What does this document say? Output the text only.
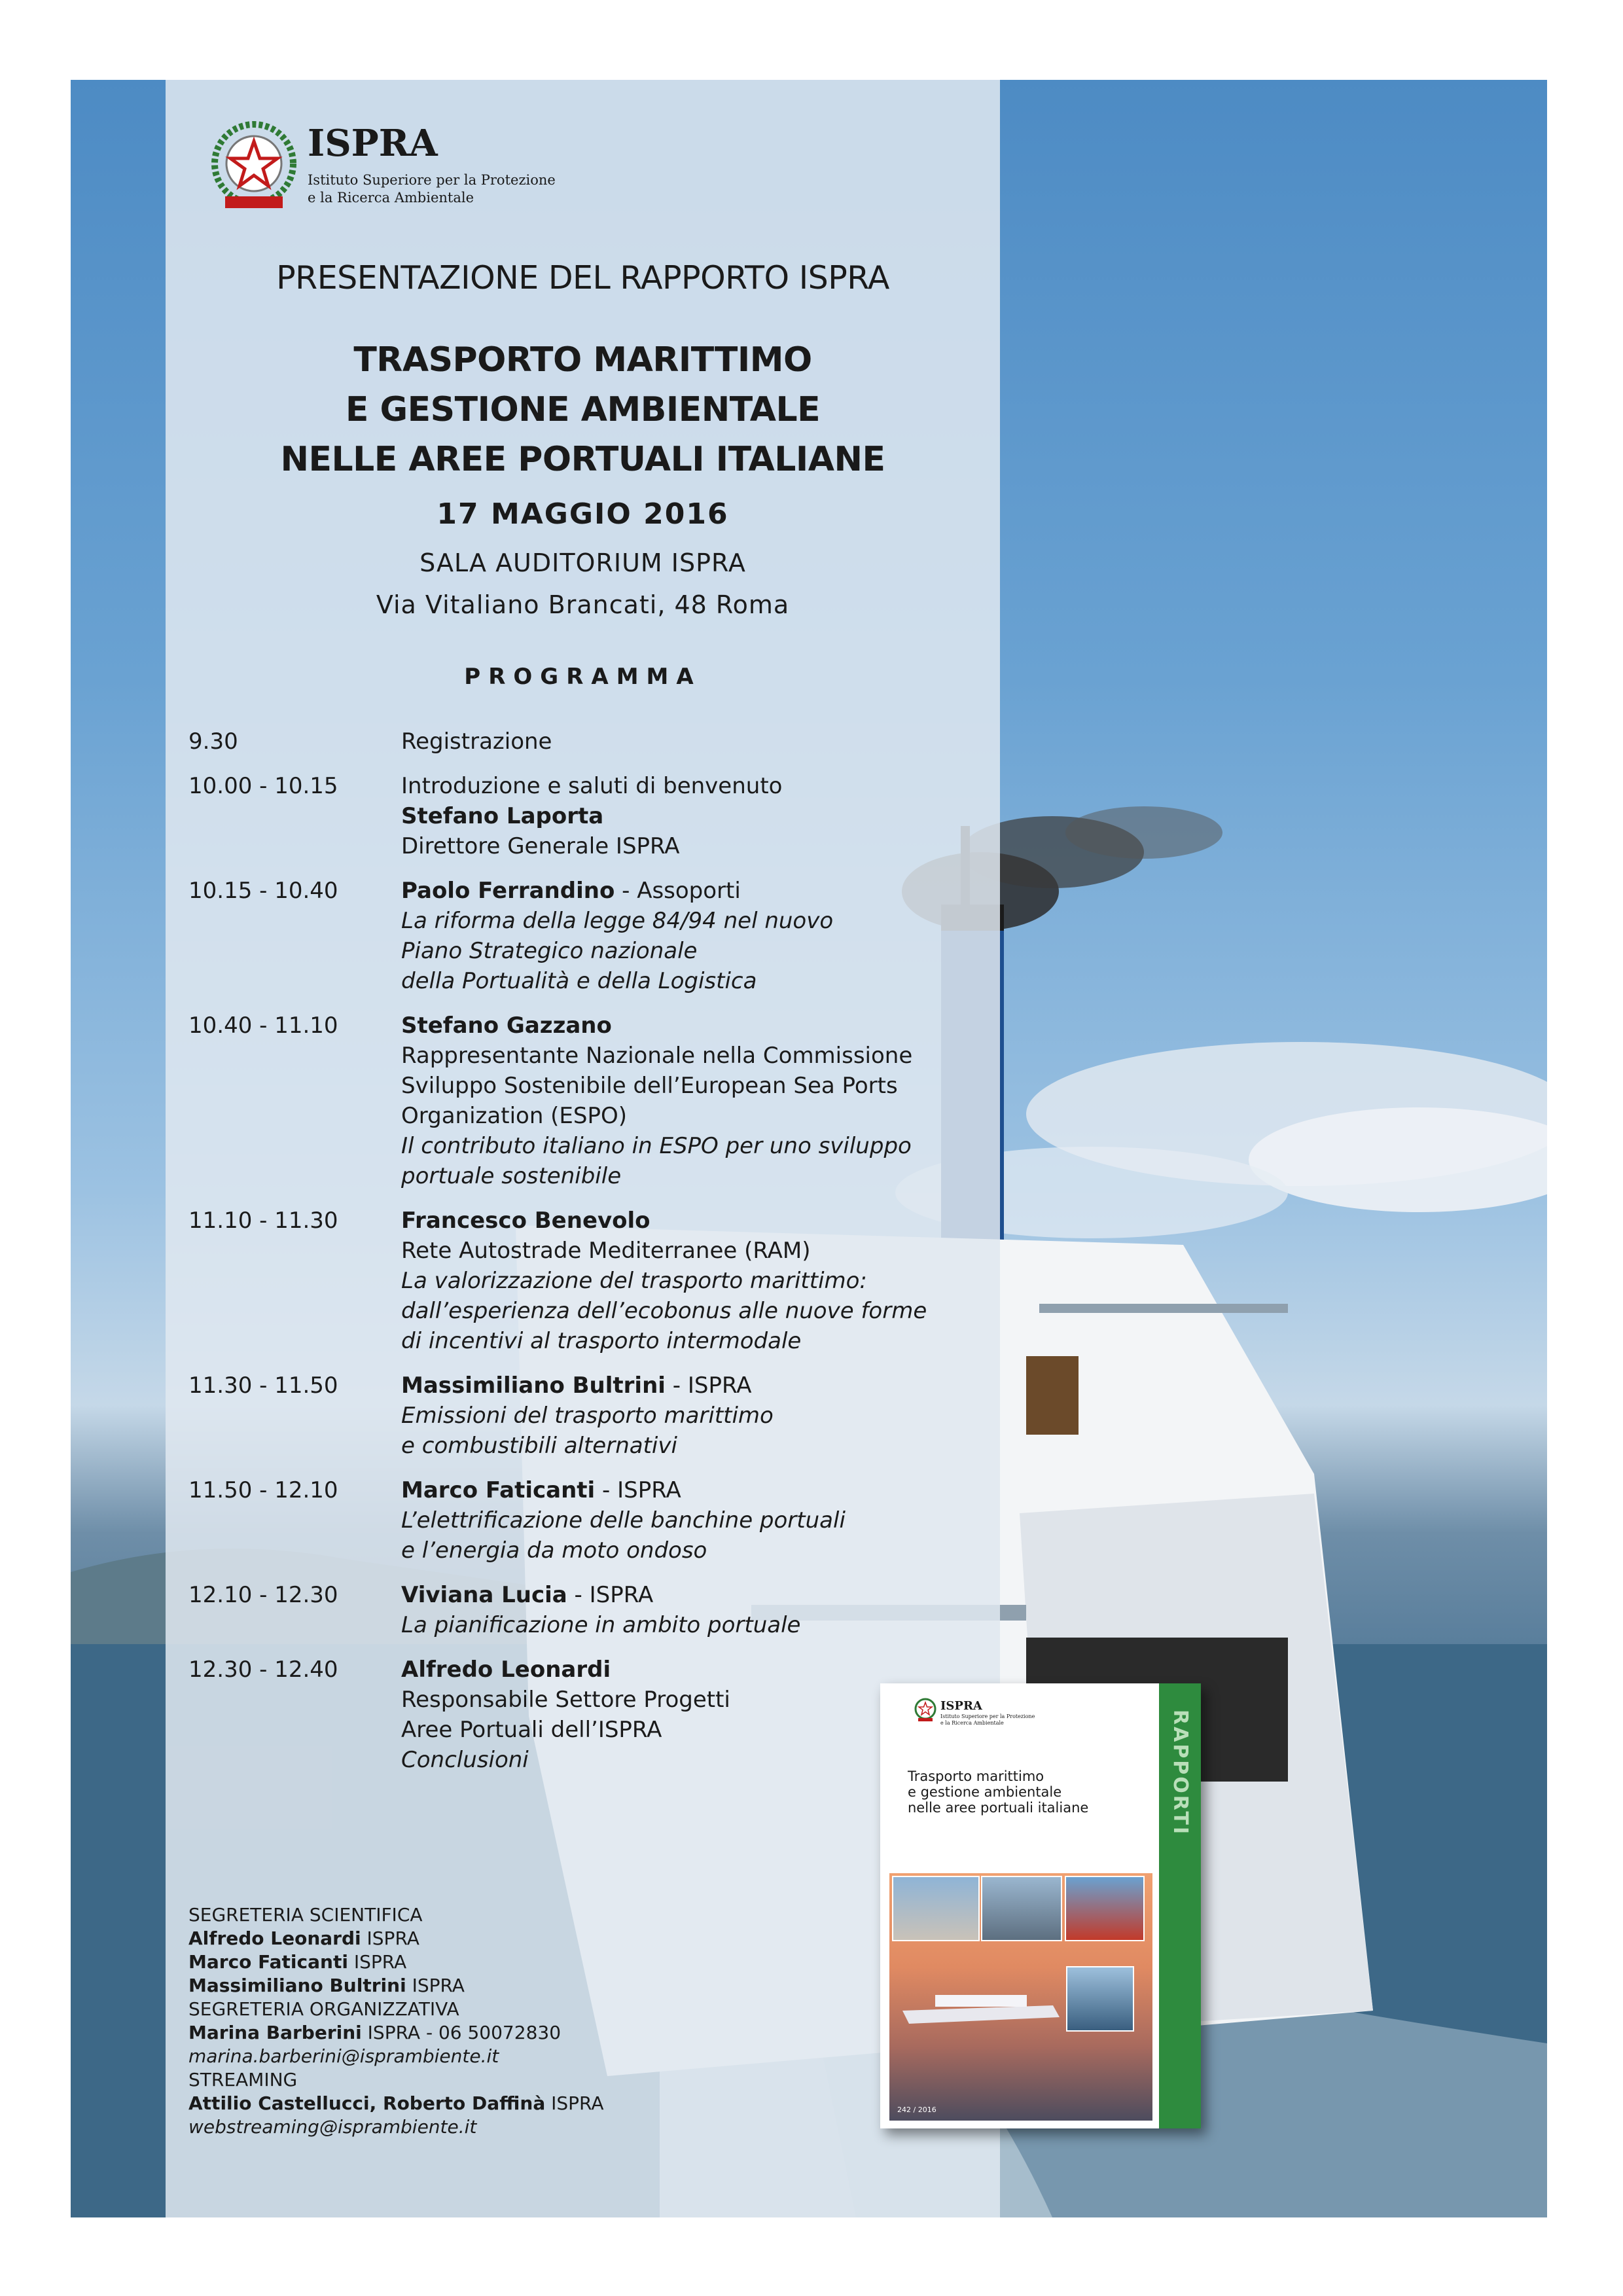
ISPRA
Istituto Superiore per la Protezione
e la Ricerca Ambientale
PRESENTAZIONE DEL RAPPORTO ISPRA
TRASPORTO MARITTIMO
E GESTIONE AMBIENTALE
NELLE AREE PORTUALI ITALIANE
17 MAGGIO 2016
SALA AUDITORIUM ISPRA
Via Vitaliano Brancati, 48 Roma
PROGRAMMA
9.30	Registrazione
10.00 - 10.15	Introduzione e saluti di benvenuto
Stefano Laporta
Direttore Generale ISPRA
10.15 - 10.40	Paolo Ferrandino - Assoporti
La riforma della legge 84/94 nel nuovo
Piano Strategico nazionale
della Portualità e della Logistica
10.40 - 11.10	Stefano Gazzano
Rappresentante Nazionale nella Commissione
Sviluppo Sostenibile dell’European Sea Ports
Organization (ESPO)
Il contributo italiano in ESPO per uno sviluppo
portuale sostenibile
11.10 - 11.30	Francesco Benevolo
Rete Autostrade Mediterranee (RAM)
La valorizzazione del trasporto marittimo:
dall’esperienza dell’ecobonus alle nuove forme
di incentivi al trasporto intermodale
11.30 - 11.50	Massimiliano Bultrini - ISPRA
Emissioni del trasporto marittimo
e combustibili alternativi
11.50 - 12.10	Marco Faticanti - ISPRA
L’elettrificazione delle banchine portuali
e l’energia da moto ondoso
12.10 - 12.30	Viviana Lucia - ISPRA
La pianificazione in ambito portuale
12.30 - 12.40	Alfredo Leonardi
Responsabile Settore Progetti
Aree Portuali dell’ISPRA
Conclusioni
SEGRETERIA SCIENTIFICA
Alfredo Leonardi ISPRA
Marco Faticanti ISPRA
Massimiliano Bultrini ISPRA
SEGRETERIA ORGANIZZATIVA
Marina Barberini ISPRA - 06 50072830
marina.barberini@isprambiente.it
STREAMING
Attilio Castellucci, Roberto Daffinà ISPRA
webstreaming@isprambiente.it
ISPRA
Istituto Superiore per la Protezione e la Ricerca Ambientale
Trasporto marittimo
e gestione ambientale
nelle aree portuali italiane	RAPPORTI
242 / 2016
